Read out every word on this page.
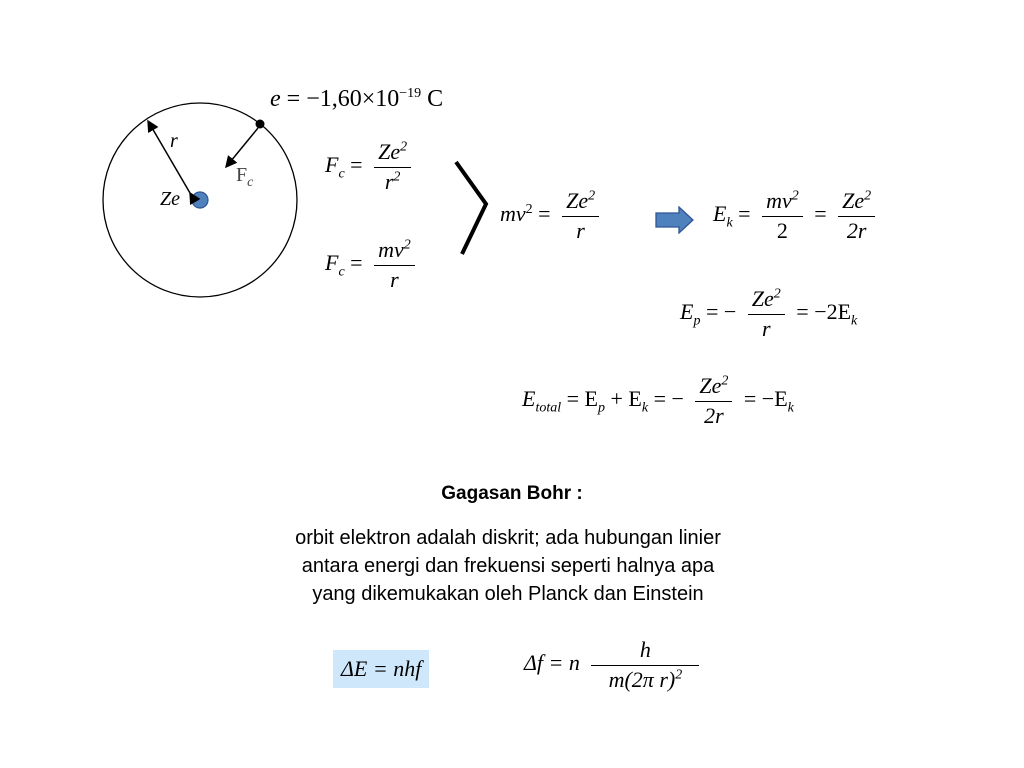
r
$F_c$
Ze
$e = -1,60\times 10^{-19}$ C
$F_c = \frac{Ze^2}{r^2}$
$F_c = \frac{mv^2}{r}$
$mv^2 = \frac{Ze^2}{r}$	$E_k = \frac{mv^2}{2} = \frac{Ze^2}{2r}$
$E_p$ = − $\frac{Ze^2}{r} = -2E_k$
$E_{total} = E_p + E_k$ = − $\frac{Ze^2}{2r} = -E_k$
Gagasan Bohr :
orbit elektron adalah diskrit; ada hubungan linier
antara energi dan frekuensi seperti halnya apa
yang dikemukakan oleh Planck dan Einstein
ΔE = nhf	Δf = n $\frac{h}{m(2\pi r)^2}$
